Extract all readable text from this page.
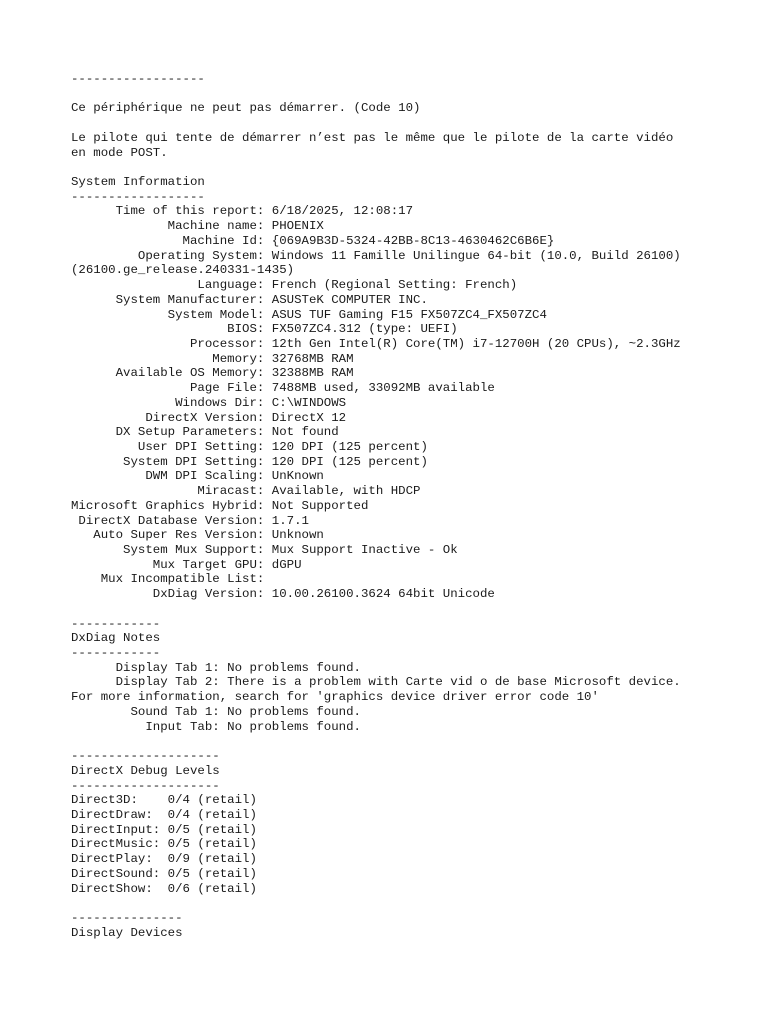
------------------
Ce périphérique ne peut pas démarrer. (Code 10)
Le pilote qui tente de démarrer n’est pas le même que le pilote de la carte vidéo
en mode POST.
System Information
------------------
Time of this report: 6/18/2025, 12:08:17
Machine name: PHOENIX
Machine Id: {069A9B3D-5324-42BB-8C13-4630462C6B6E}
Operating System: Windows 11 Famille Unilingue 64-bit (10.0, Build 26100)
(26100.ge_release.240331-1435)
Language: French (Regional Setting: French)
System Manufacturer: ASUSTeK COMPUTER INC.
System Model: ASUS TUF Gaming F15 FX507ZC4_FX507ZC4
BIOS: FX507ZC4.312 (type: UEFI)
Processor: 12th Gen Intel(R) Core(TM) i7-12700H (20 CPUs), ~2.3GHz
Memory: 32768MB RAM
Available OS Memory: 32388MB RAM
Page File: 7488MB used, 33092MB available
Windows Dir: C:\WINDOWS
DirectX Version: DirectX 12
DX Setup Parameters: Not found
User DPI Setting: 120 DPI (125 percent)
System DPI Setting: 120 DPI (125 percent)
DWM DPI Scaling: UnKnown
Miracast: Available, with HDCP
Microsoft Graphics Hybrid: Not Supported
DirectX Database Version: 1.7.1
Auto Super Res Version: Unknown
System Mux Support: Mux Support Inactive - Ok
Mux Target GPU: dGPU
Mux Incompatible List:
DxDiag Version: 10.00.26100.3624 64bit Unicode
------------
DxDiag Notes
------------
Display Tab 1: No problems found.
Display Tab 2: There is a problem with Carte vid o de base Microsoft device.
For more information, search for 'graphics device driver error code 10'
Sound Tab 1: No problems found.
Input Tab: No problems found.
--------------------
DirectX Debug Levels
--------------------
Direct3D:    0/4 (retail)
DirectDraw:  0/4 (retail)
DirectInput: 0/5 (retail)
DirectMusic: 0/5 (retail)
DirectPlay:  0/9 (retail)
DirectSound: 0/5 (retail)
DirectShow:  0/6 (retail)
---------------
Display Devices
